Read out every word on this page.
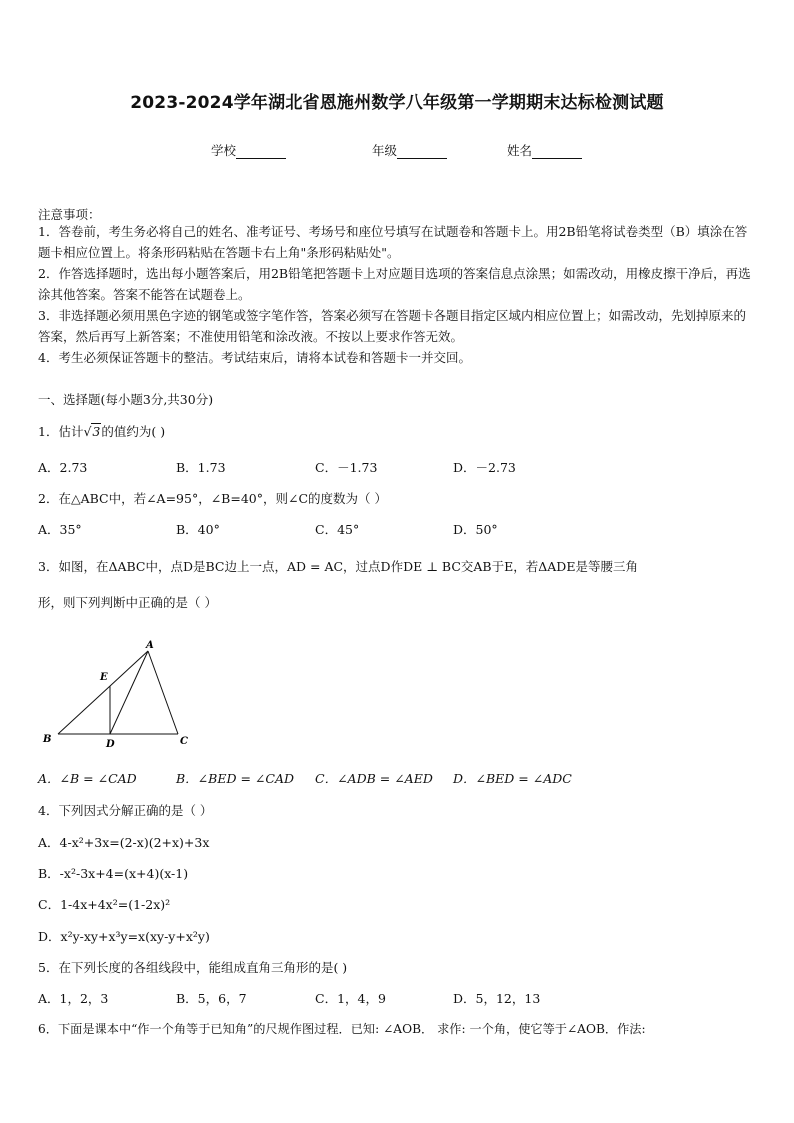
2023-2024学年湖北省恩施州数学八年级第一学期期末达标检测试题
学校	年级	姓名
注意事项：
1．答卷前，考生务必将自己的姓名、准考证号、考场号和座位号填写在试题卷和答题卡上。用2B铅笔将试卷类型（B）填涂在答题卡相应位置上。将条形码粘贴在答题卡右上角"条形码粘贴处"。
2．作答选择题时，选出每小题答案后，用2B铅笔把答题卡上对应题目选项的答案信息点涂黑；如需改动，用橡皮擦干净后，再选涂其他答案。答案不能答在试题卷上。
3．非选择题必须用黑色字迹的钢笔或签字笔作答，答案必须写在答题卡各题目指定区域内相应位置上；如需改动，先划掉原来的答案，然后再写上新答案；不准使用铅笔和涂改液。不按以上要求作答无效。
4．考生必须保证答题卡的整洁。考试结束后，请将本试卷和答题卡一并交回。
一、选择题(每小题3分,共30分)
1．估计√3的值约为( )
A．2.73	B．1.73	C．－1.73	D．－2.73
2．在△ABC中，若∠A=95°，∠B=40°，则∠C的度数为（ ）
A．35°	B．40°	C．45°	D．50°
3．如图，在ΔABC中，点D是BC边上一点，AD = AC，过点D作DE ⊥ BC交AB于E，若ΔADE是等腰三角
形，则下列判断中正确的是（ ）
A
B	C
D
E
A．∠B = ∠CAD	B．∠BED = ∠CAD C．∠ADB = ∠AED D．∠BED = ∠ADC
4．下列因式分解正确的是（ ）
A．4-x²+3x=(2-x)(2+x)+3x
B．-x²-3x+4=(x+4)(x-1)
C．1-4x+4x²=(1-2x)²
D．x²y-xy+x³y=x(xy-y+x²y)
5．在下列长度的各组线段中，能组成直角三角形的是( )
A．1，2，3	B．5，6，7	C．1，4，9	D．5，12，13
6．下面是课本中“作一个角等于已知角”的尺规作图过程．已知: ∠AOB． 求作: 一个角，使它等于∠AOB．作法:
